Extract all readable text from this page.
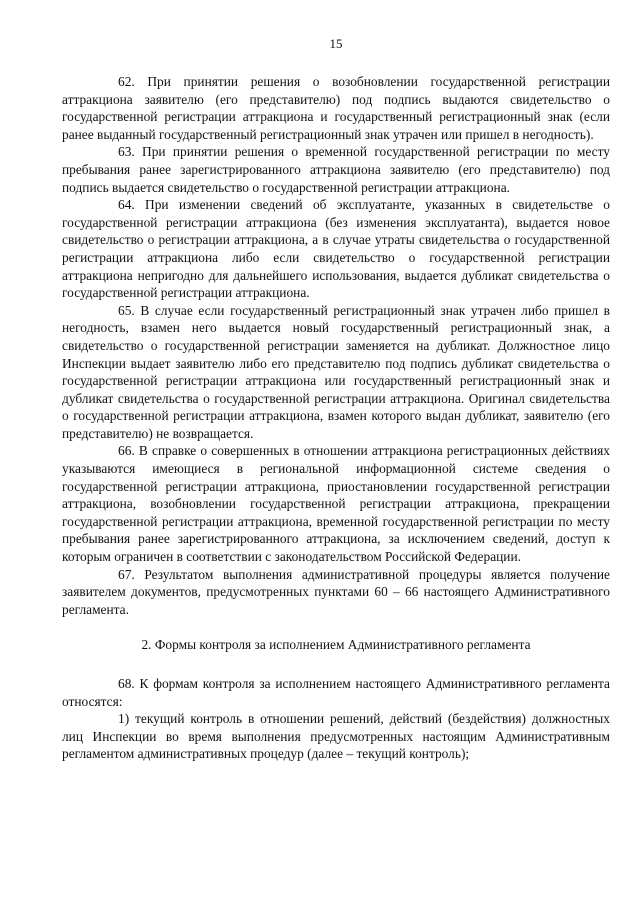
15

62. При принятии решения о возобновлении государственной регистрации аттракциона заявителю (его представителю) под подпись выдаются свидетельство о государственной регистрации аттракциона и государственный регистрационный знак (если ранее выданный государственный регистрационный знак утрачен или пришел в негодность).

63. При принятии решения о временной государственной регистрации по месту пребывания ранее зарегистрированного аттракциона заявителю (его представителю) под подпись выдается свидетельство о государственной регистрации аттракциона.

64. При изменении сведений об эксплуатанте, указанных в свидетельстве о государственной регистрации аттракциона (без изменения эксплуатанта), выдается новое свидетельство о регистрации аттракциона, а в случае утраты свидетельства о государственной регистрации аттракциона либо если свидетельство о государственной регистрации аттракциона непригодно для дальнейшего использования, выдается дубликат свидетельства о государственной регистрации аттракциона.

65. В случае если государственный регистрационный знак утрачен либо пришел в негодность, взамен него выдается новый государственный регистрационный знак, а свидетельство о государственной регистрации заменяется на дубликат. Должностное лицо Инспекции выдает заявителю либо его представителю под подпись дубликат свидетельства о государственной регистрации аттракциона или государственный регистрационный знак и дубликат свидетельства о государственной регистрации аттракциона. Оригинал свидетельства о государственной регистрации аттракциона, взамен которого выдан дубликат, заявителю (его представителю) не возвращается.

66. В справке о совершенных в отношении аттракциона регистрационных действиях указываются имеющиеся в региональной информационной системе сведения о государственной регистрации аттракциона, приостановлении государственной регистрации аттракциона, возобновлении государственной регистрации аттракциона, прекращении государственной регистрации аттракциона, временной государственной регистрации по месту пребывания ранее зарегистрированного аттракциона, за исключением сведений, доступ к которым ограничен в соответствии с законодательством Российской Федерации.

67. Результатом выполнения административной процедуры является получение заявителем документов, предусмотренных пунктами 60 – 66 настоящего Административного регламента.

2. Формы контроля за исполнением Административного регламента

68. К формам контроля за исполнением настоящего Административного регламента относятся:

1) текущий контроль в отношении решений, действий (бездействия) должностных лиц Инспекции во время выполнения предусмотренных настоящим Административным регламентом административных процедур (далее – текущий контроль);
